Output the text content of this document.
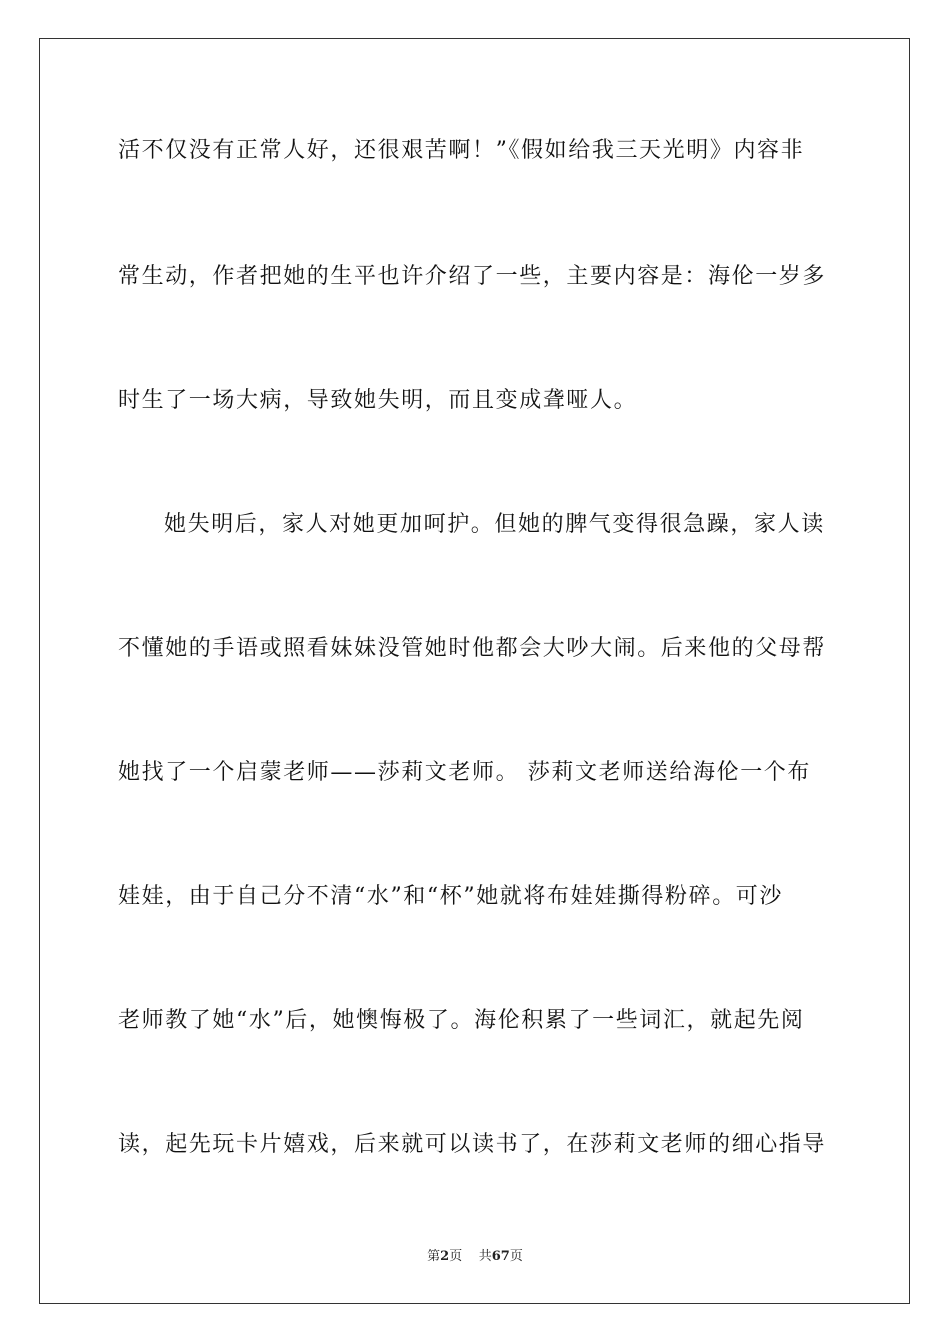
活不仅没有正常人好，还很艰苦啊！”《假如给我三天光明》内容非
常生动，作者把她的生平也许介绍了一些，主要内容是：海伦一岁多
时生了一场大病，导致她失明，而且变成聋哑人。
她失明后，家人对她更加呵护。但她的脾气变得很急躁，家人读
不懂她的手语或照看妹妹没管她时他都会大吵大闹。后来他的父母帮
她找了一个启蒙老师——莎莉文老师。 莎莉文老师送给海伦一个布
娃娃，由于自己分不清“水”和“杯”她就将布娃娃撕得粉碎。可沙
老师教了她“水”后，她懊悔极了。海伦积累了一些词汇，就起先阅
读，起先玩卡片嬉戏，后来就可以读书了，在莎莉文老师的细心指导
第2页 共67页
